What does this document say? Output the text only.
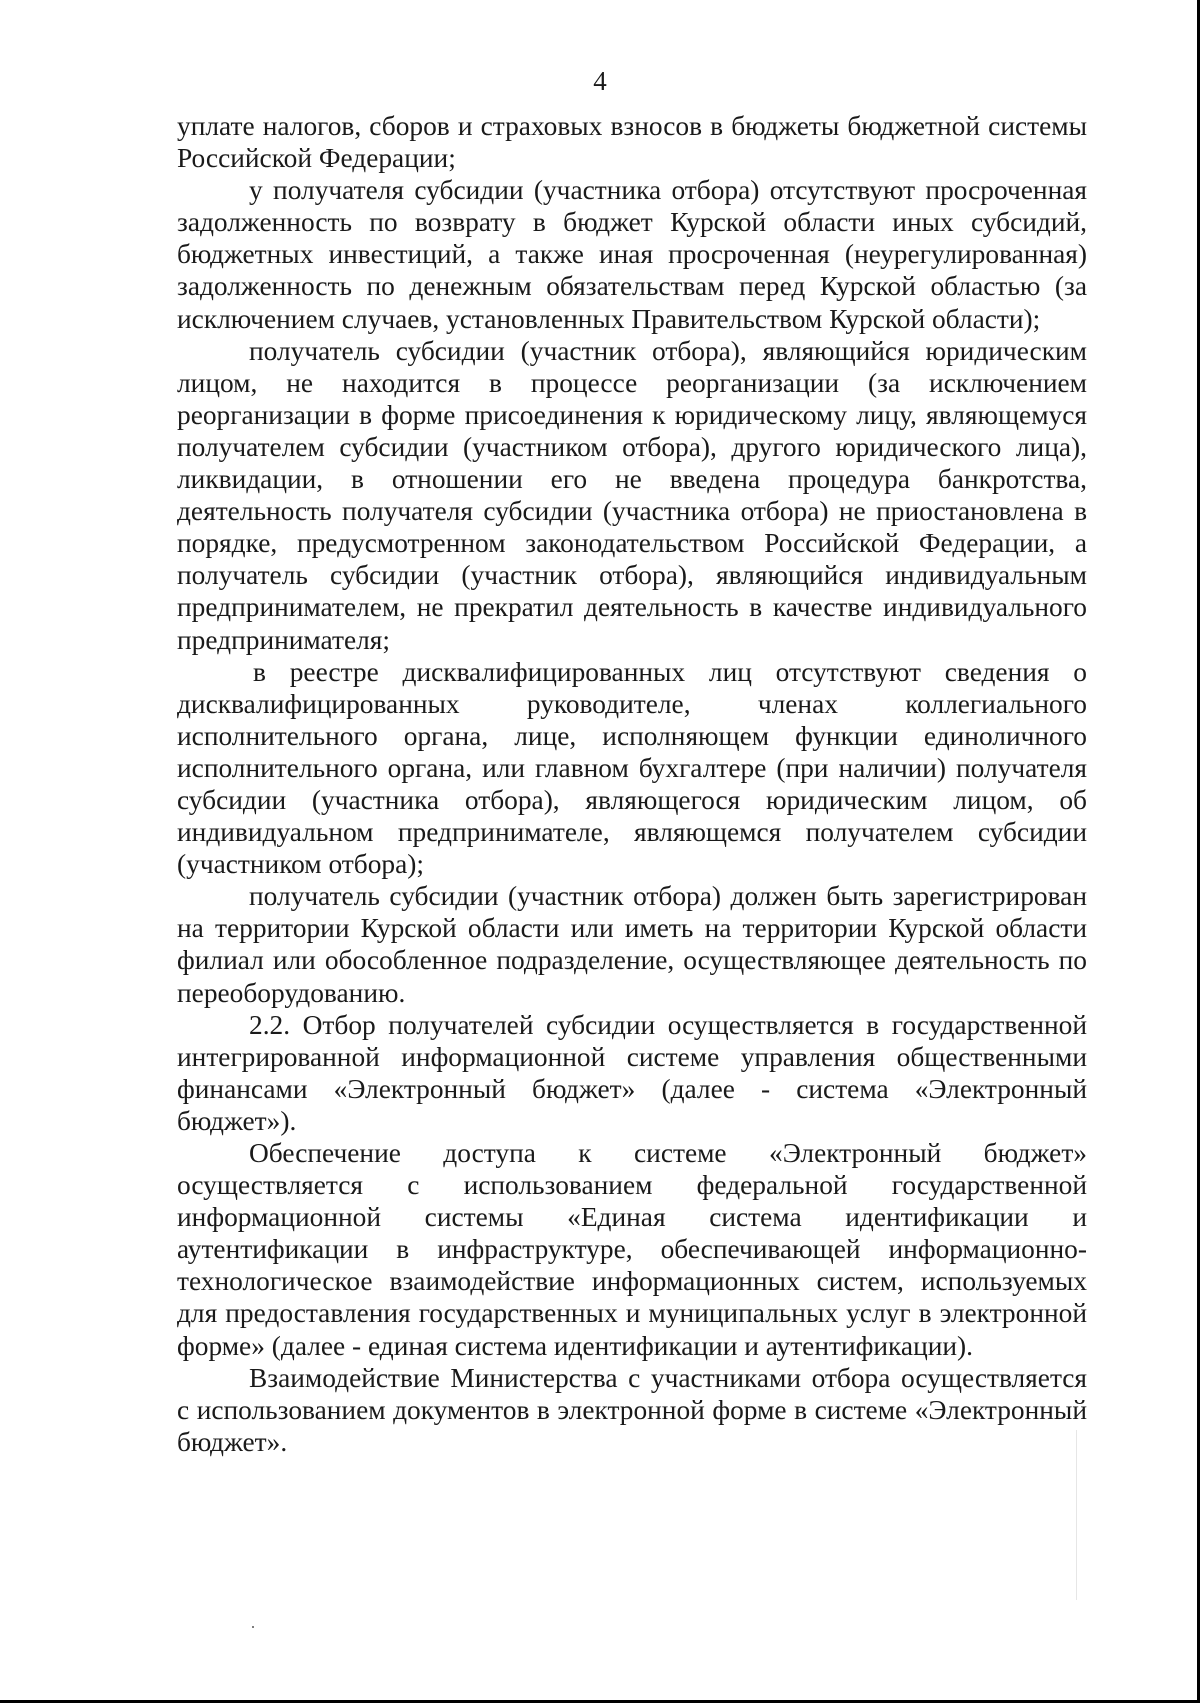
4

уплате налогов, сборов и страховых взносов в бюджеты бюджетной системы Российской Федерации;

у получателя субсидии (участника отбора) отсутствуют просроченная задолженность по возврату в бюджет Курской области иных субсидий, бюджетных инвестиций, а также иная просроченная (неурегулированная) задолженность по денежным обязательствам перед Курской областью (за исключением случаев, установленных Правительством Курской области);

получатель субсидии (участник отбора), являющийся юридическим лицом, не находится в процессе реорганизации (за исключением реорганизации в форме присоединения к юридическому лицу, являющемуся получателем субсидии (участником отбора), другого юридического лица), ликвидации, в отношении его не введена процедура банкротства, деятельность получателя субсидии (участника отбора) не приостановлена в порядке, предусмотренном законодательством Российской Федерации, а получатель субсидии (участник отбора), являющийся индивидуальным предпринимателем, не прекратил деятельность в качестве индивидуального предпринимателя;

в реестре дисквалифицированных лиц отсутствуют сведения о дисквалифицированных руководителе, членах коллегиального исполнительного органа, лице, исполняющем функции единоличного исполнительного органа, или главном бухгалтере (при наличии) получателя субсидии (участника отбора), являющегося юридическим лицом, об индивидуальном предпринимателе, являющемся получателем субсидии (участником отбора);

получатель субсидии (участник отбора) должен быть зарегистрирован на территории Курской области или иметь на территории Курской области филиал или обособленное подразделение, осуществляющее деятельность по переоборудованию.

2.2. Отбор получателей субсидии осуществляется в государственной интегрированной информационной системе управления общественными финансами «Электронный бюджет» (далее - система «Электронный бюджет»).

Обеспечение доступа к системе «Электронный бюджет» осуществляется с использованием федеральной государственной информационной системы «Единая система идентификации и аутентификации в инфраструктуре, обеспечивающей информационно-технологическое взаимодействие информационных систем, используемых для предоставления государственных и муниципальных услуг в электронной форме» (далее - единая система идентификации и аутентификации).

Взаимодействие Министерства с участниками отбора осуществляется с использованием документов в электронной форме в системе «Электронный бюджет».
